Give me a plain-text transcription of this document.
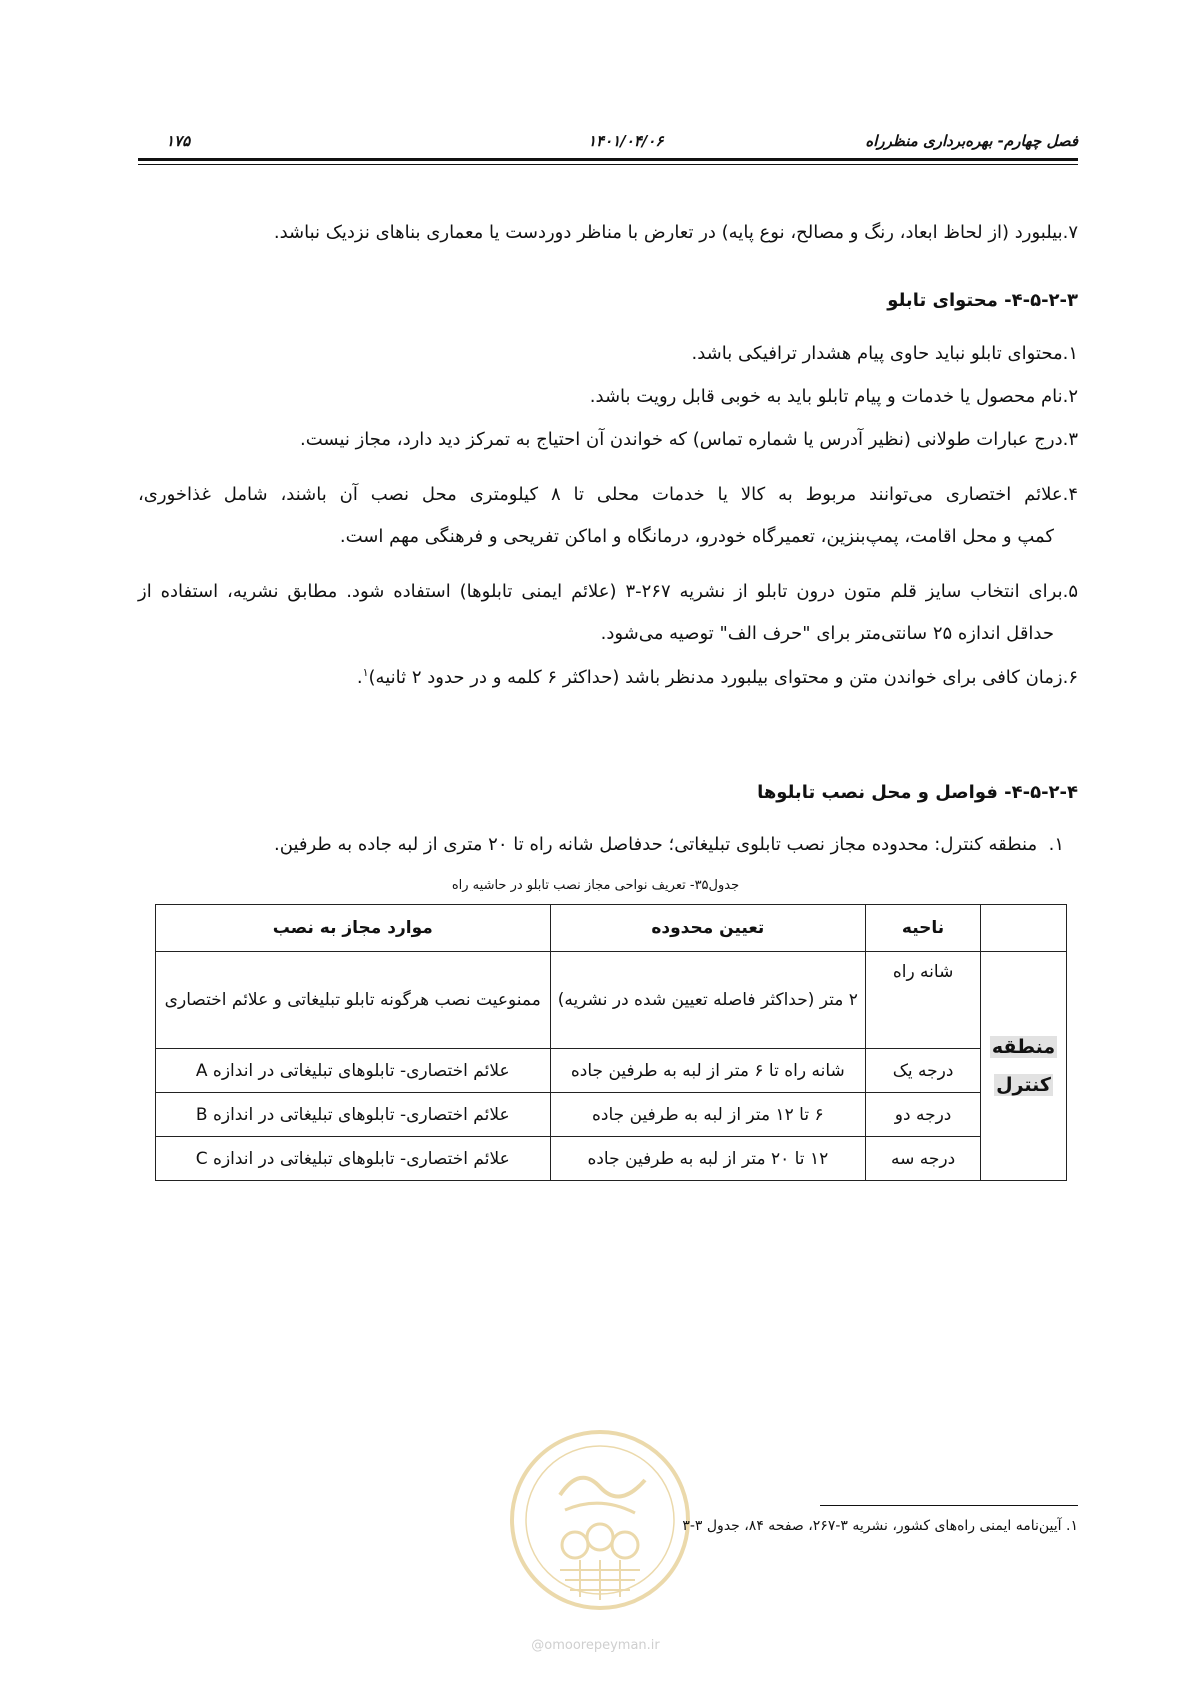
فصل چهارم- بهره‌برداری منظرراه
۱۴۰۱/۰۴/۰۶
۱۷۵
۷.بیلبورد (از لحاظ ابعاد، رنگ و مصالح، نوع پایه) در تعارض با مناظر دوردست یا معماری بناهای نزدیک نباشد.
۴-۵-۲-۳- محتوای تابلو
۱.محتوای تابلو نباید حاوی پیام هشدار ترافیکی باشد.
۲.نام محصول یا خدمات و پیام تابلو باید به خوبی قابل رویت باشد.
۳.درج عبارات طولانی (نظیر آدرس یا شماره تماس) که خواندن آن احتیاج به تمرکز دید دارد، مجاز نیست.
۴.علائم اختصاری می‌توانند مربوط به کالا یا خدمات محلی تا ۸ کیلومتری محل نصب آن باشند، شامل غذاخوری،
کمپ و محل اقامت، پمپ‌بنزین، تعمیرگاه خودرو، درمانگاه و اماکن تفریحی و فرهنگی مهم است.
۵.برای انتخاب سایز قلم متون درون تابلو از نشریه ۲۶۷-۳ (علائم ایمنی تابلوها) استفاده شود. مطابق نشریه، استفاده از
حداقل اندازه ۲۵ سانتی‌متر برای "حرف الف" توصیه می‌شود.
۶.زمان کافی برای خواندن متن و محتوای بیلبورد مدنظر باشد (حداکثر ۶ کلمه و در حدود ۲ ثانیه)$^۱$.
۴-۵-۲-۴- فواصل و محل نصب تابلوها
۱.  منطقه کنترل: محدوده مجاز نصب تابلوی تبلیغاتی؛ حدفاصل شانه راه تا ۲۰ متری از لبه جاده به طرفین.
جدول۳۵- تعریف نواحی مجاز نصب تابلو در حاشیه راه
	ناحیه	تعیین محدوده	موارد مجاز به نصب
منطقه
کنترل	شانه راه	۲ متر (حداکثر فاصله تعیین شده در نشریه)	ممنوعیت نصب هرگونه تابلو تبلیغاتی و علائم اختصاری
	درجه یک	شانه راه تا ۶ متر از لبه به طرفین جاده	علائم اختصاری- تابلوهای تبلیغاتی در اندازه A
	درجه دو	۶ تا ۱۲ متر از لبه به طرفین جاده	علائم اختصاری- تابلوهای تبلیغاتی در اندازه B
	درجه سه	۱۲ تا ۲۰ متر از لبه به طرفین جاده	علائم اختصاری- تابلوهای تبلیغاتی در اندازه C
@omoorepeyman.ir
۱. آیین‌نامه ایمنی راه‌های کشور، نشریه ۳-۲۶۷، صفحه ۸۴، جدول ۳-۳
